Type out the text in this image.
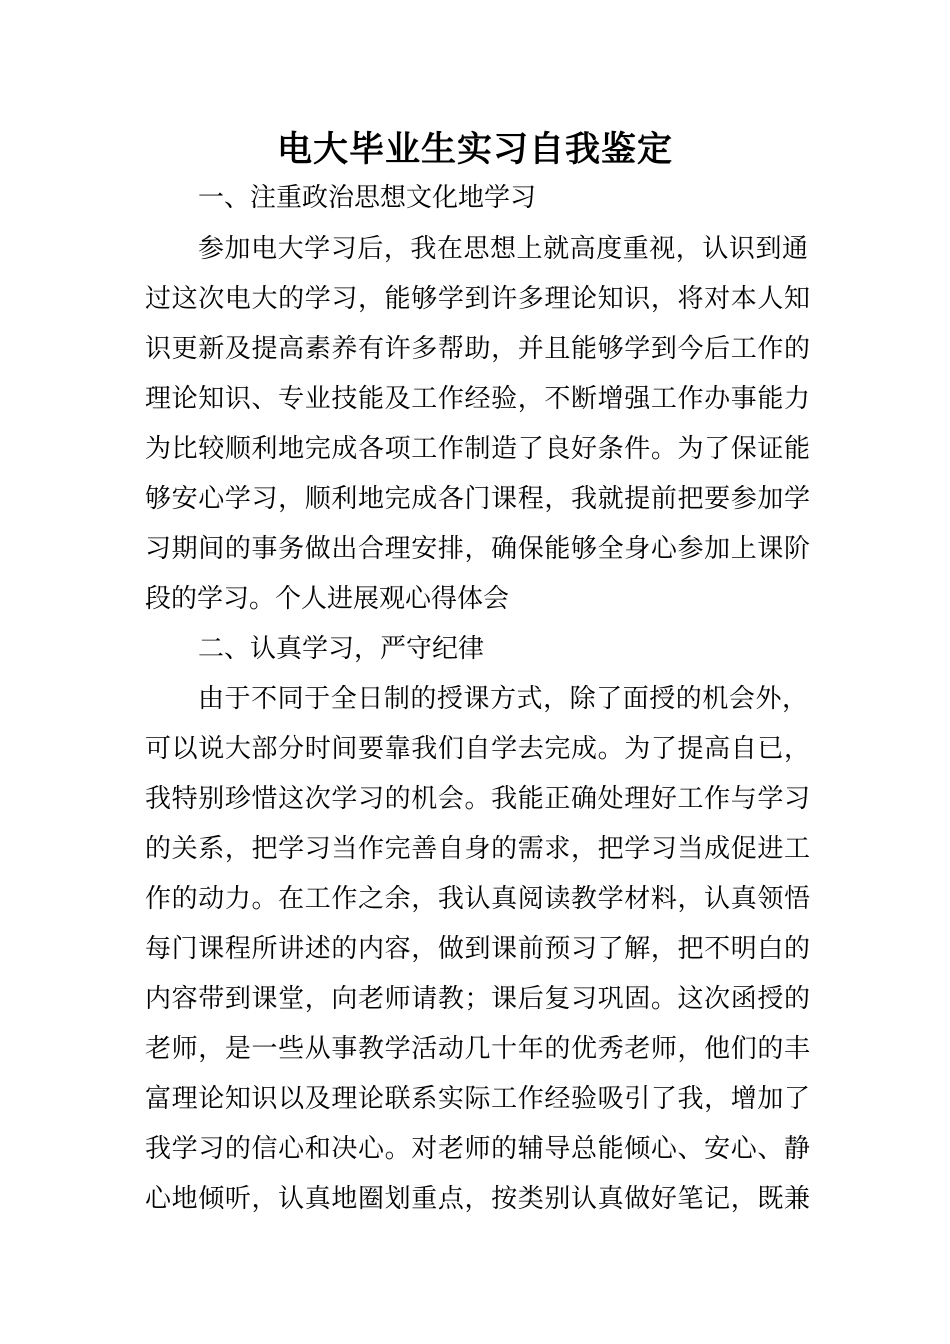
电大毕业生实习自我鉴定
一、注重政治思想文化地学习
参加电大学习后，我在思想上就高度重视，认识到通
过这次电大的学习，能够学到许多理论知识，将对本人知
识更新及提高素养有许多帮助，并且能够学到今后工作的
理论知识、专业技能及工作经验，不断增强工作办事能力
为比较顺利地完成各项工作制造了良好条件。为了保证能
够安心学习，顺利地完成各门课程，我就提前把要参加学
习期间的事务做出合理安排，确保能够全身心参加上课阶
段的学习。个人进展观心得体会
二、认真学习，严守纪律
由于不同于全日制的授课方式，除了面授的机会外，
可以说大部分时间要靠我们自学去完成。为了提高自已，
我特别珍惜这次学习的机会。我能正确处理好工作与学习
的关系，把学习当作完善自身的需求，把学习当成促进工
作的动力。在工作之余，我认真阅读教学材料，认真领悟
每门课程所讲述的内容，做到课前预习了解，把不明白的
内容带到课堂，向老师请教；课后复习巩固。这次函授的
老师，是一些从事教学活动几十年的优秀老师，他们的丰
富理论知识以及理论联系实际工作经验吸引了我，增加了
我学习的信心和决心。对老师的辅导总能倾心、安心、静
心地倾听，认真地圈划重点，按类别认真做好笔记，既兼
